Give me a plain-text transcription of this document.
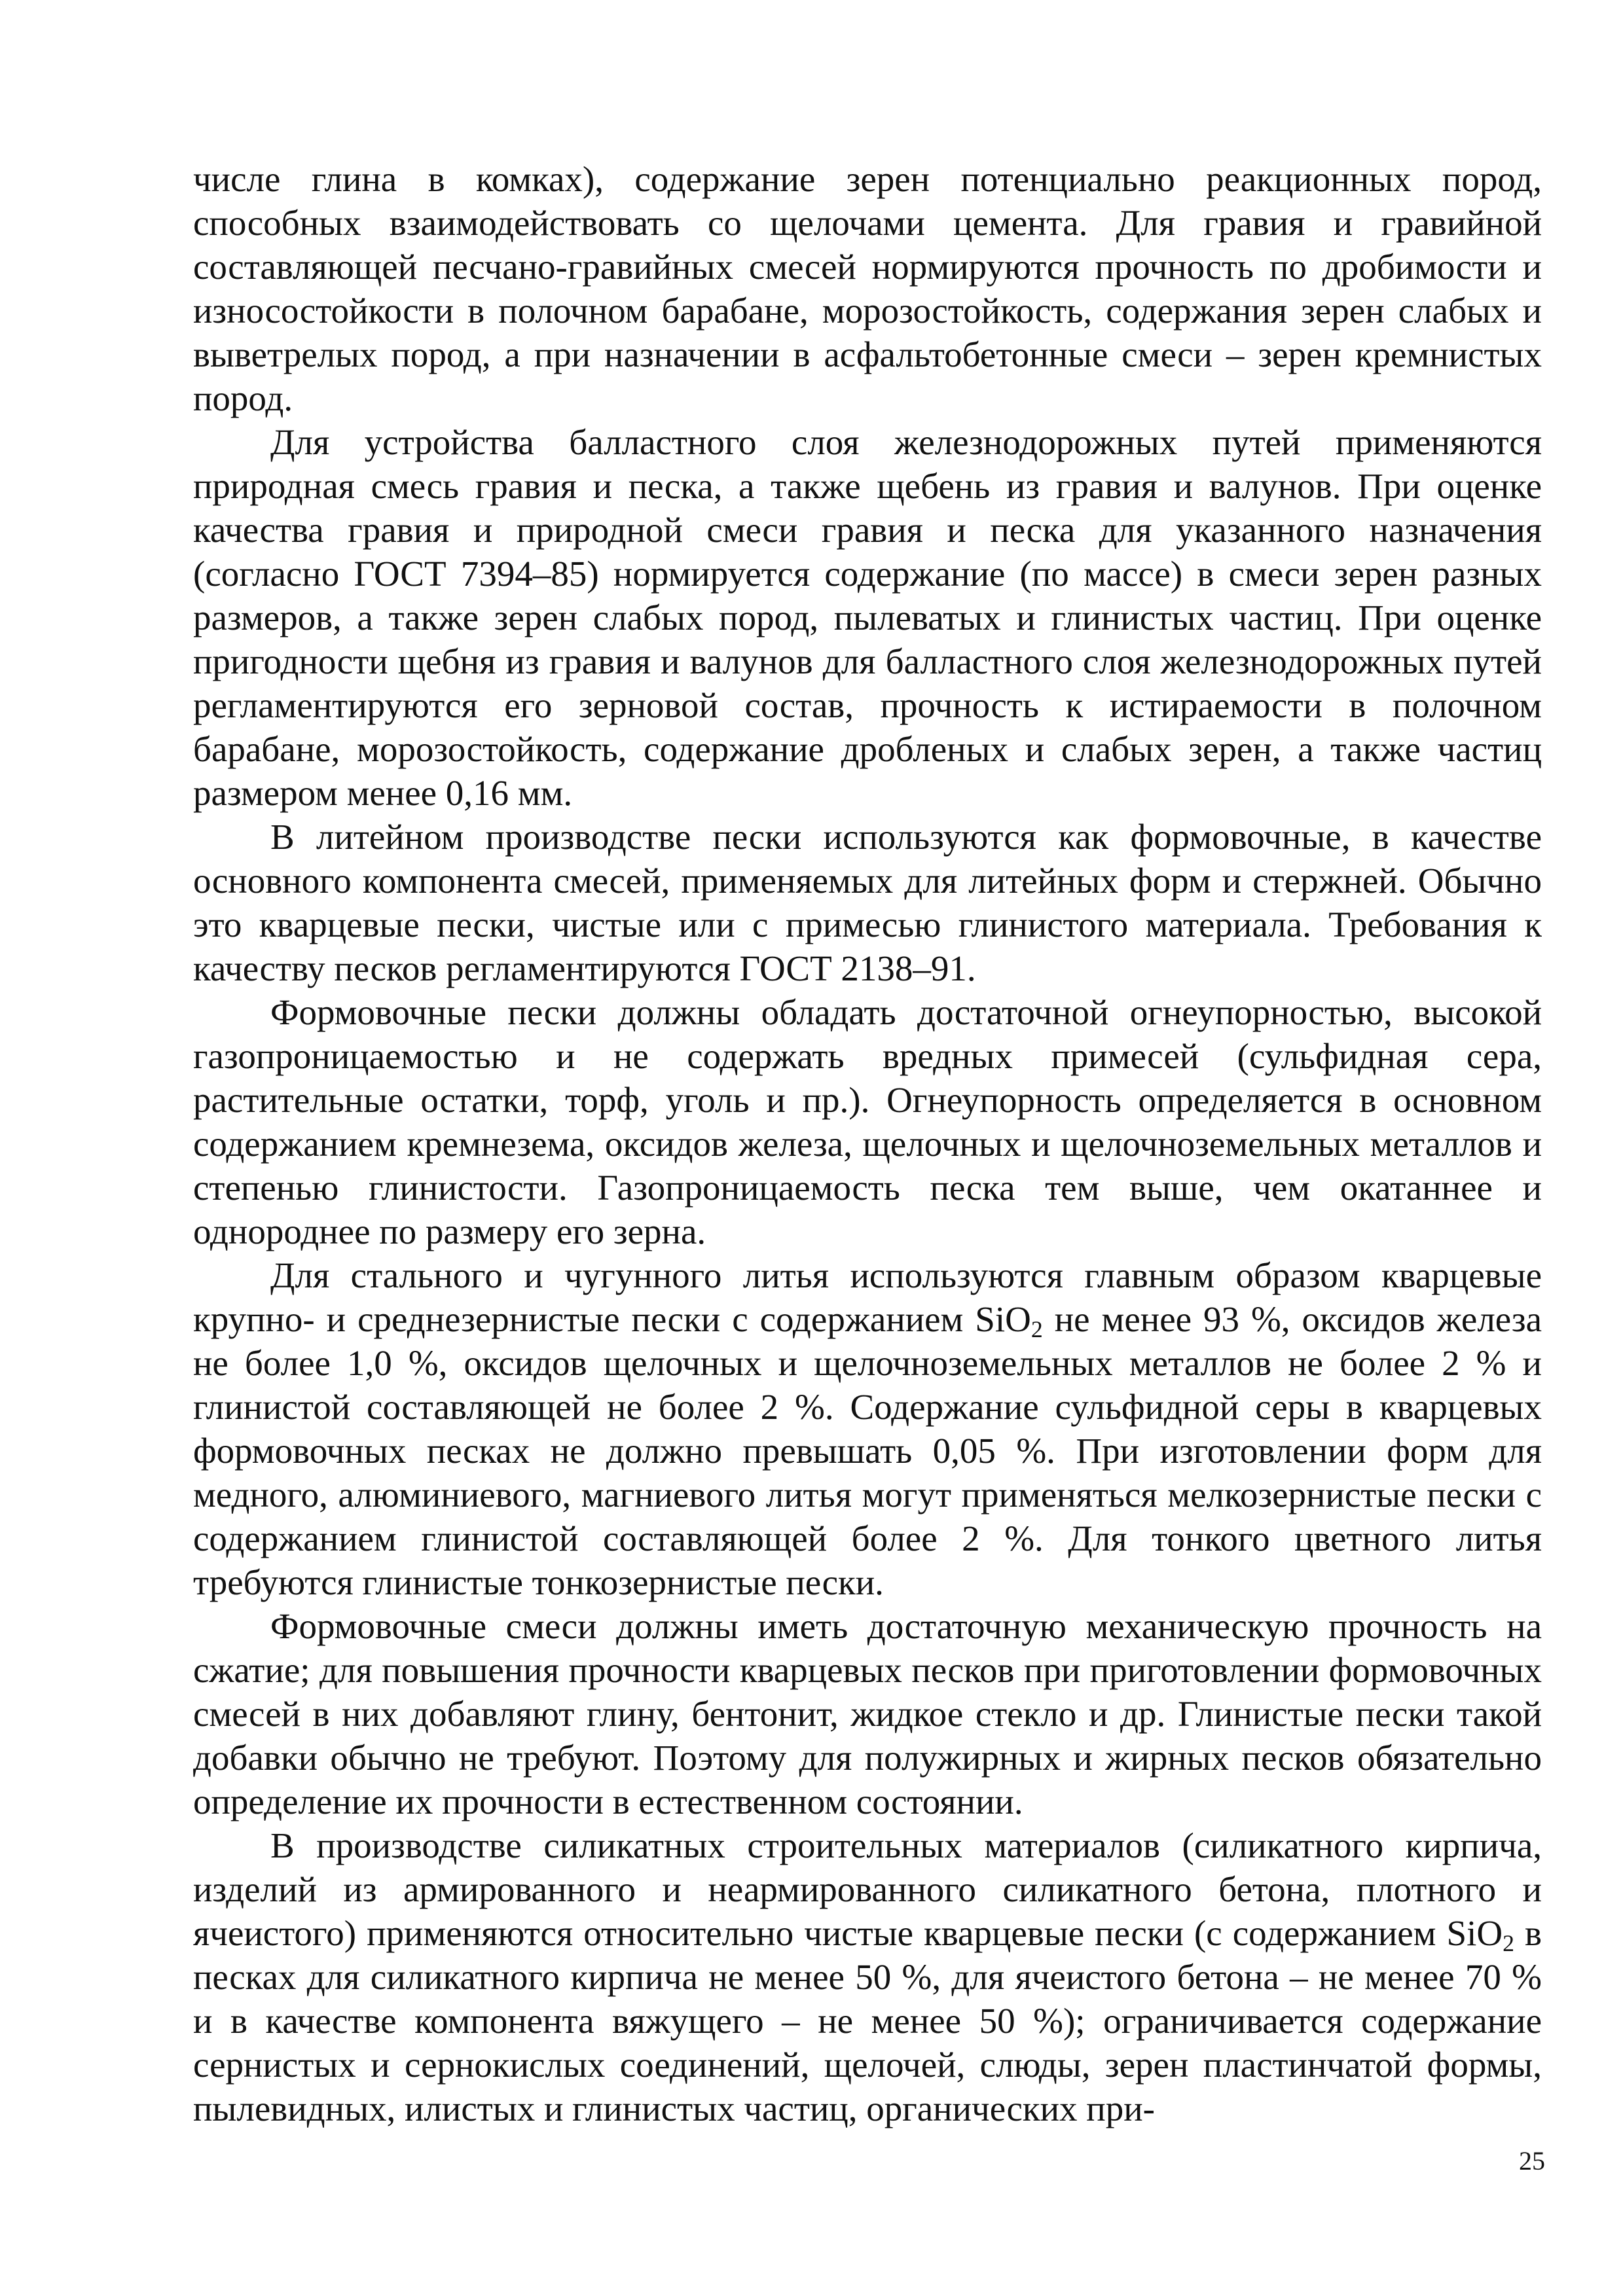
числе глина в комках), содержание зерен потенциально реакционных пород, способных взаимодействовать со щелочами цемента. Для гравия и гравийной составляющей песчано-гравийных смесей нормируются прочность по дробимости и износостойкости в полочном барабане, морозостойкость, содержания зерен слабых и выветрелых пород, а при назначении в асфальтобетонные смеси – зерен кремнистых пород.

Для устройства балластного слоя железнодорожных путей применяются природная смесь гравия и песка, а также щебень из гравия и валунов. При оценке качества гравия и природной смеси гравия и песка для указанного назначения (согласно ГОСТ 7394–85) нормируется содержание (по массе) в смеси зерен разных размеров, а также зерен слабых пород, пылеватых и глинистых частиц. При оценке пригодности щебня из гравия и валунов для балластного слоя железнодорожных путей регламентируются его зерновой состав, прочность к истираемости в полочном барабане, морозостойкость, содержание дробленых и слабых зерен, а также частиц размером менее 0,16 мм.

В литейном производстве пески используются как формовочные, в качестве основного компонента смесей, применяемых для литейных форм и стержней. Обычно это кварцевые пески, чистые или с примесью глинистого материала. Требования к качеству песков регламентируются ГОСТ 2138–91.

Формовочные пески должны обладать достаточной огнеупорностью, высокой газопроницаемостью и не содержать вредных примесей (сульфидная сера, растительные остатки, торф, уголь и пр.). Огнеупорность определяется в основном содержанием кремнезема, оксидов железа, щелочных и щелочноземельных металлов и степенью глинистости. Газопроницаемость песка тем выше, чем окатаннее и однороднее по размеру его зерна.

Для стального и чугунного литья используются главным образом кварцевые крупно- и среднезернистые пески с содержанием SiO$_2$ не менее 93 %, оксидов железа не более 1,0 %, оксидов щелочных и щелочноземельных металлов не более 2 % и глинистой составляющей не более 2 %. Содержание сульфидной серы в кварцевых формовочных песках не должно превышать 0,05 %. При изготовлении форм для медного, алюминиевого, магниевого литья могут применяться мелкозернистые пески с содержанием глинистой составляющей более 2 %. Для тонкого цветного литья требуются глинистые тонкозернистые пески.

Формовочные смеси должны иметь достаточную механическую прочность на сжатие; для повышения прочности кварцевых песков при приготовлении формовочных смесей в них добавляют глину, бентонит, жидкое стекло и др. Глинистые пески такой добавки обычно не требуют. Поэтому для полужирных и жирных песков обязательно определение их прочности в естественном состоянии.

В производстве силикатных строительных материалов (силикатного кирпича, изделий из армированного и неармированного силикатного бетона, плотного и ячеистого) применяются относительно чистые кварцевые пески (с содержанием SiO$_2$ в песках для силикатного кирпича не менее 50 %, для ячеистого бетона – не менее 70 % и в качестве компонента вяжущего – не менее 50 %); ограничивается содержание сернистых и сернокислых соединений, щелочей, слюды, зерен пластинчатой формы, пылевидных, илистых и глинистых частиц, органических при-

25
